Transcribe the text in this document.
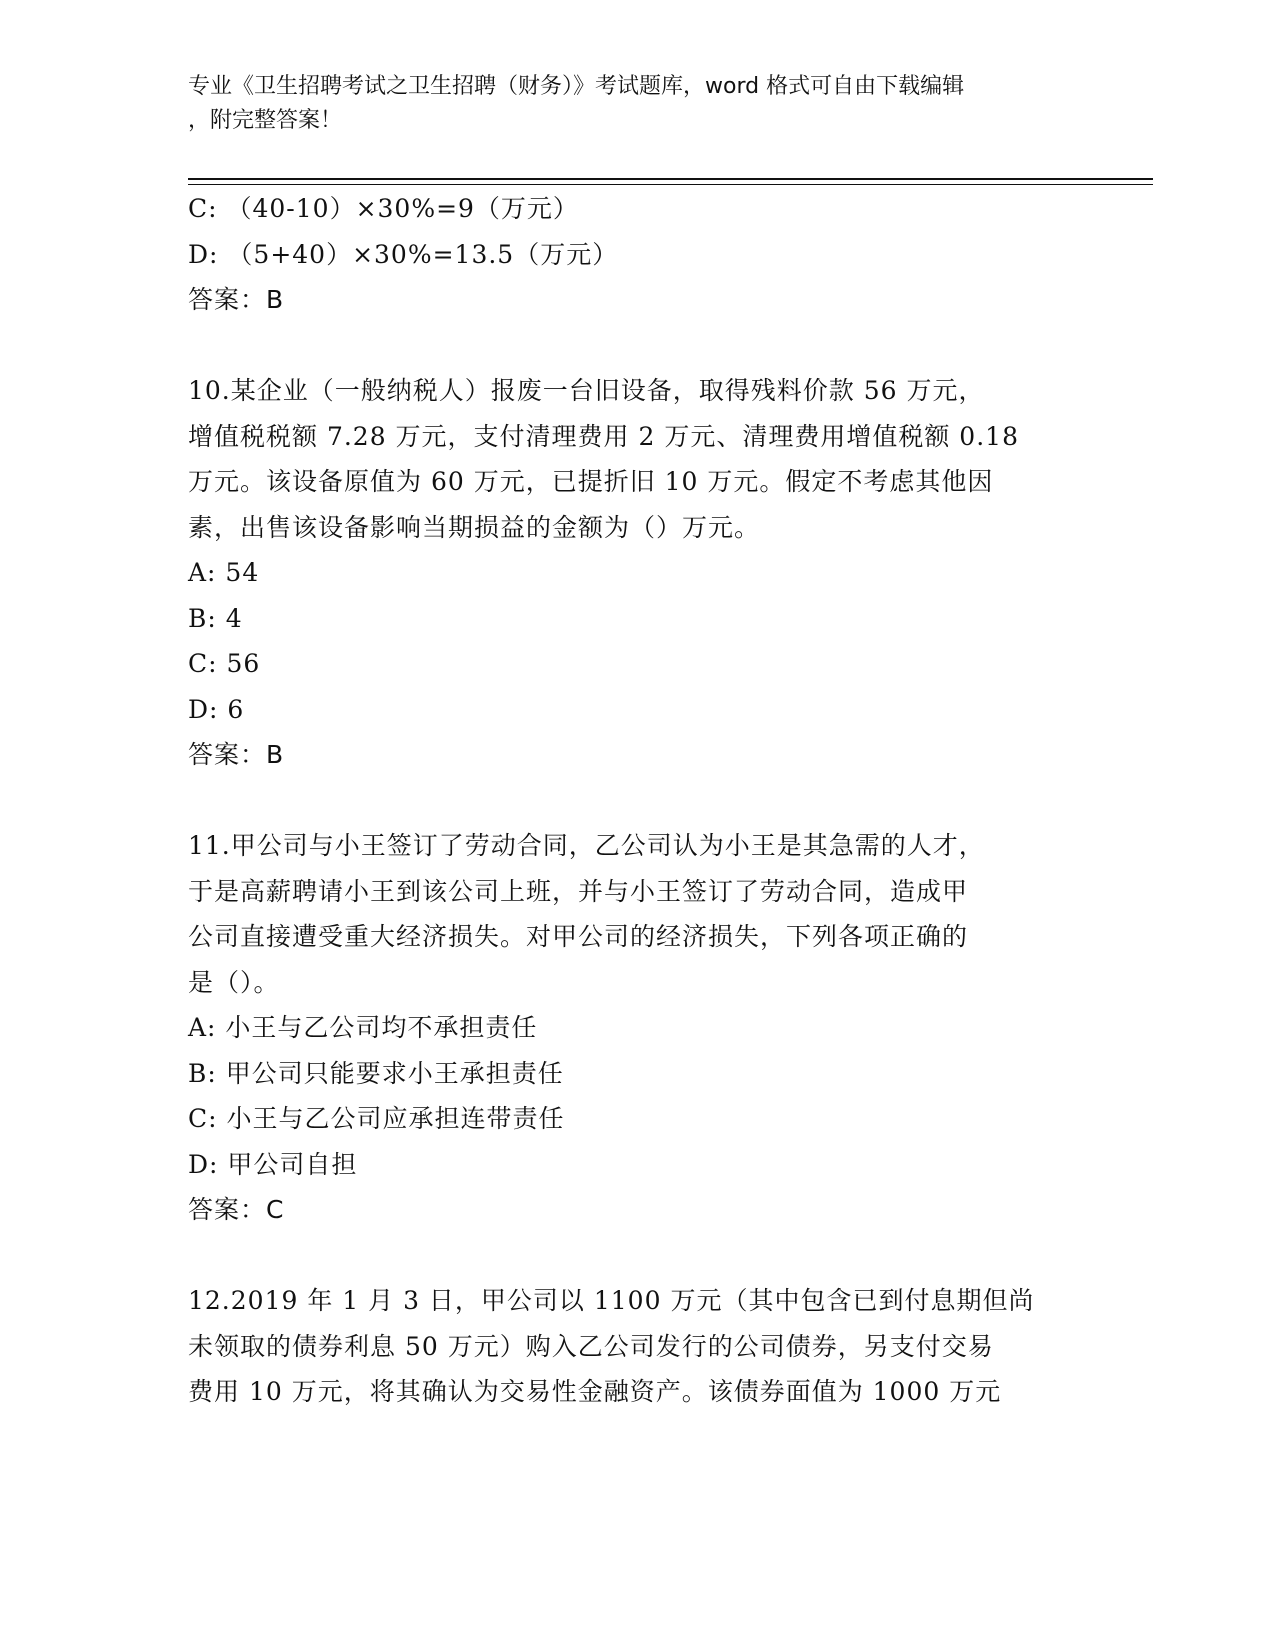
专业《卫生招聘考试之卫生招聘（财务）》考试题库，word 格式可自由下载编辑
，附完整答案！
C: （40-10）×30%=9（万元）
D: （5+40）×30%=13.5（万元）
答案：B
10.某企业（一般纳税人）报废一台旧设备，取得残料价款 56 万元，
增值税税额 7.28 万元，支付清理费用 2 万元、清理费用增值税额 0.18
万元。该设备原值为 60 万元，已提折旧 10 万元。假定不考虑其他因
素，出售该设备影响当期损益的金额为（）万元。
A: 54
B: 4
C: 56
D: 6
答案：B
11.甲公司与小王签订了劳动合同，乙公司认为小王是其急需的人才，
于是高薪聘请小王到该公司上班，并与小王签订了劳动合同，造成甲
公司直接遭受重大经济损失。对甲公司的经济损失，下列各项正确的
是（）。
A: 小王与乙公司均不承担责任
B: 甲公司只能要求小王承担责任
C: 小王与乙公司应承担连带责任
D: 甲公司自担
答案：C
12.2019 年 1 月 3 日，甲公司以 1100 万元（其中包含已到付息期但尚
未领取的债券利息 50 万元）购入乙公司发行的公司债券，另支付交易
费用 10 万元，将其确认为交易性金融资产。该债券面值为 1000 万元
